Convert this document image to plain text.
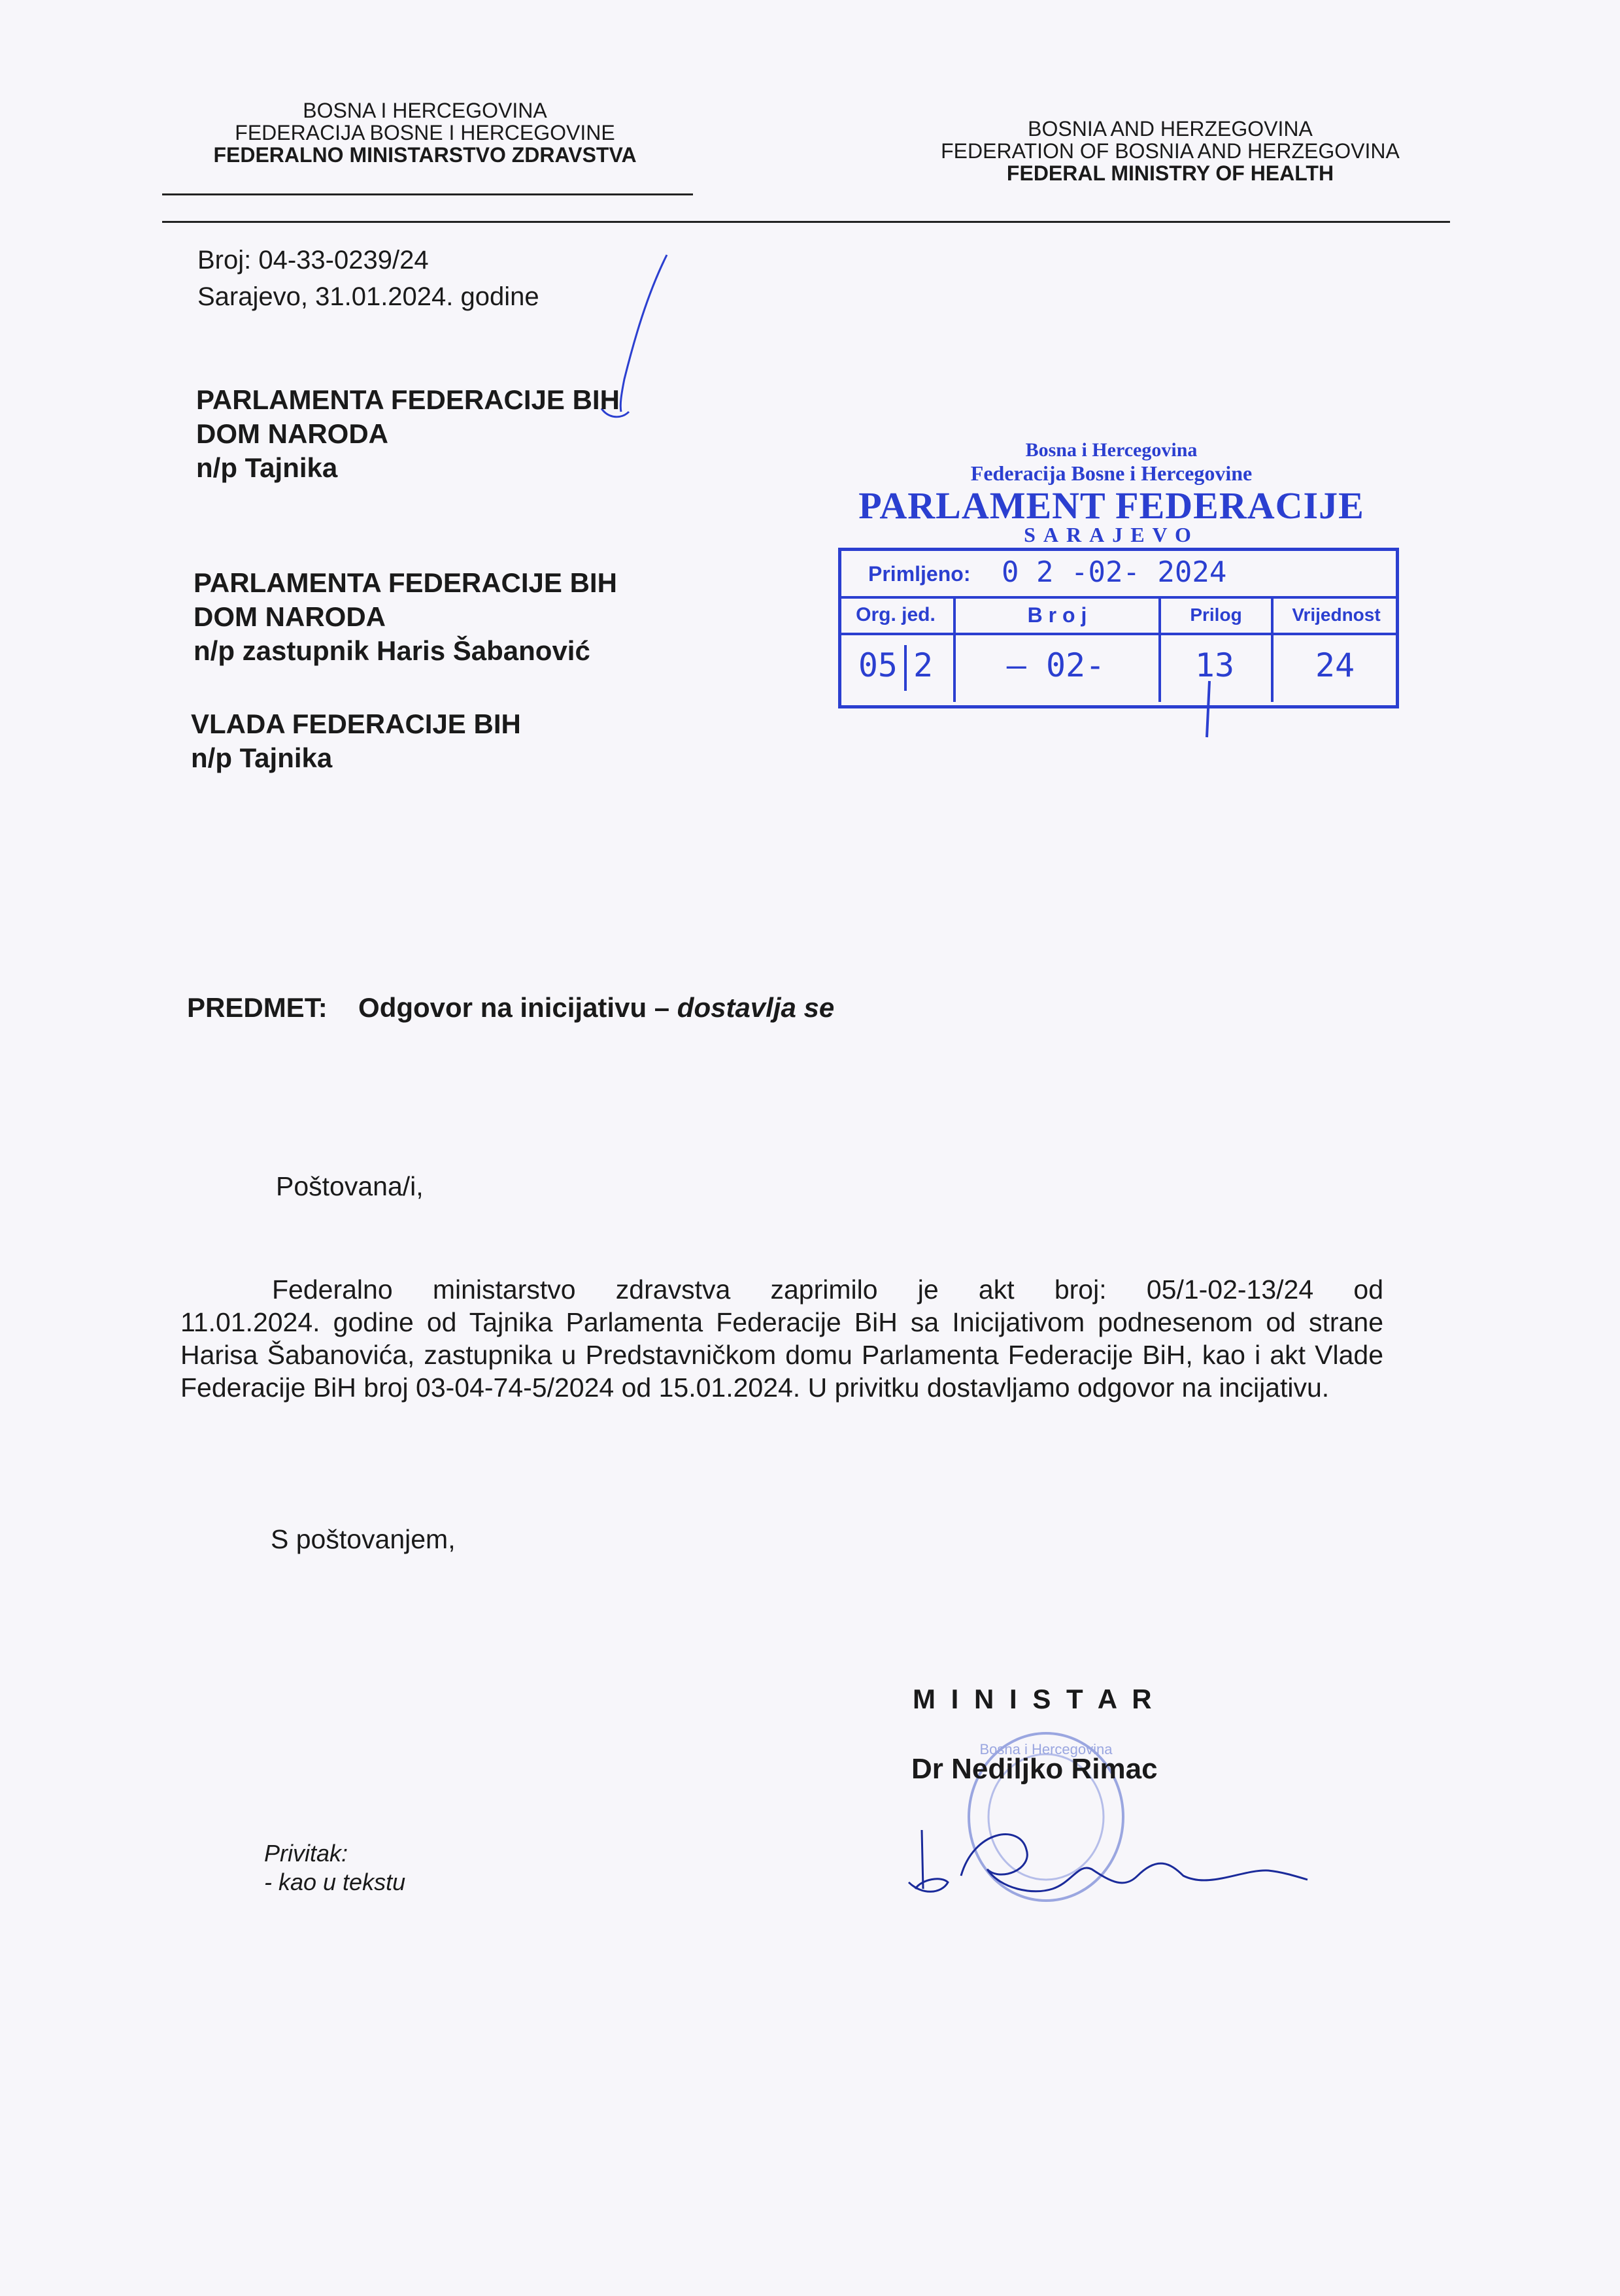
BOSNA I HERCEGOVINA
FEDERACIJA BOSNE I HERCEGOVINE
FEDERALNO MINISTARSTVO ZDRAVSTVA
BOSNIA AND HERZEGOVINA
FEDERATION OF BOSNIA AND HERZEGOVINA
FEDERAL MINISTRY OF HEALTH
Broj: 04-33-0239/24
Sarajevo, 31.01.2024. godine
PARLAMENTA FEDERACIJE BIH
DOM NARODA
n/p Tajnika
PARLAMENTA FEDERACIJE BIH
DOM NARODA
n/p zastupnik Haris Šabanović
VLADA FEDERACIJE BIH
n/p Tajnika
Bosna i Hercegovina
Federacija Bosne i Hercegovine
PARLAMENT FEDERACIJE
SARAJEVO
Primljeno: 0 2 -02- 2024
Org. jed.	B r o j	Prilog	Vrijednost
05 2	– 02-	13	24
PREDMET: Odgovor na inicijativu – dostavlja se
Poštovana/i,
Federalno ministarstvo zdravstva zaprimilo je akt broj: 05/1-02-13/24 od
11.01.2024. godine od Tajnika Parlamenta Federacije BiH sa Inicijativom podnesenom od strane Harisa Šabanovića, zastupnika u Predstavničkom domu Parlamenta Federacije BiH, kao i akt Vlade Federacije BiH broj 03-04-74-5/2024 od 15.01.2024. U privitku dostavljamo odgovor na incijativu.
S poštovanjem,
M I N I S T A R
Bosna i Hercegovina
Dr Nediljko Rimac
Privitak:
- kao u tekstu
